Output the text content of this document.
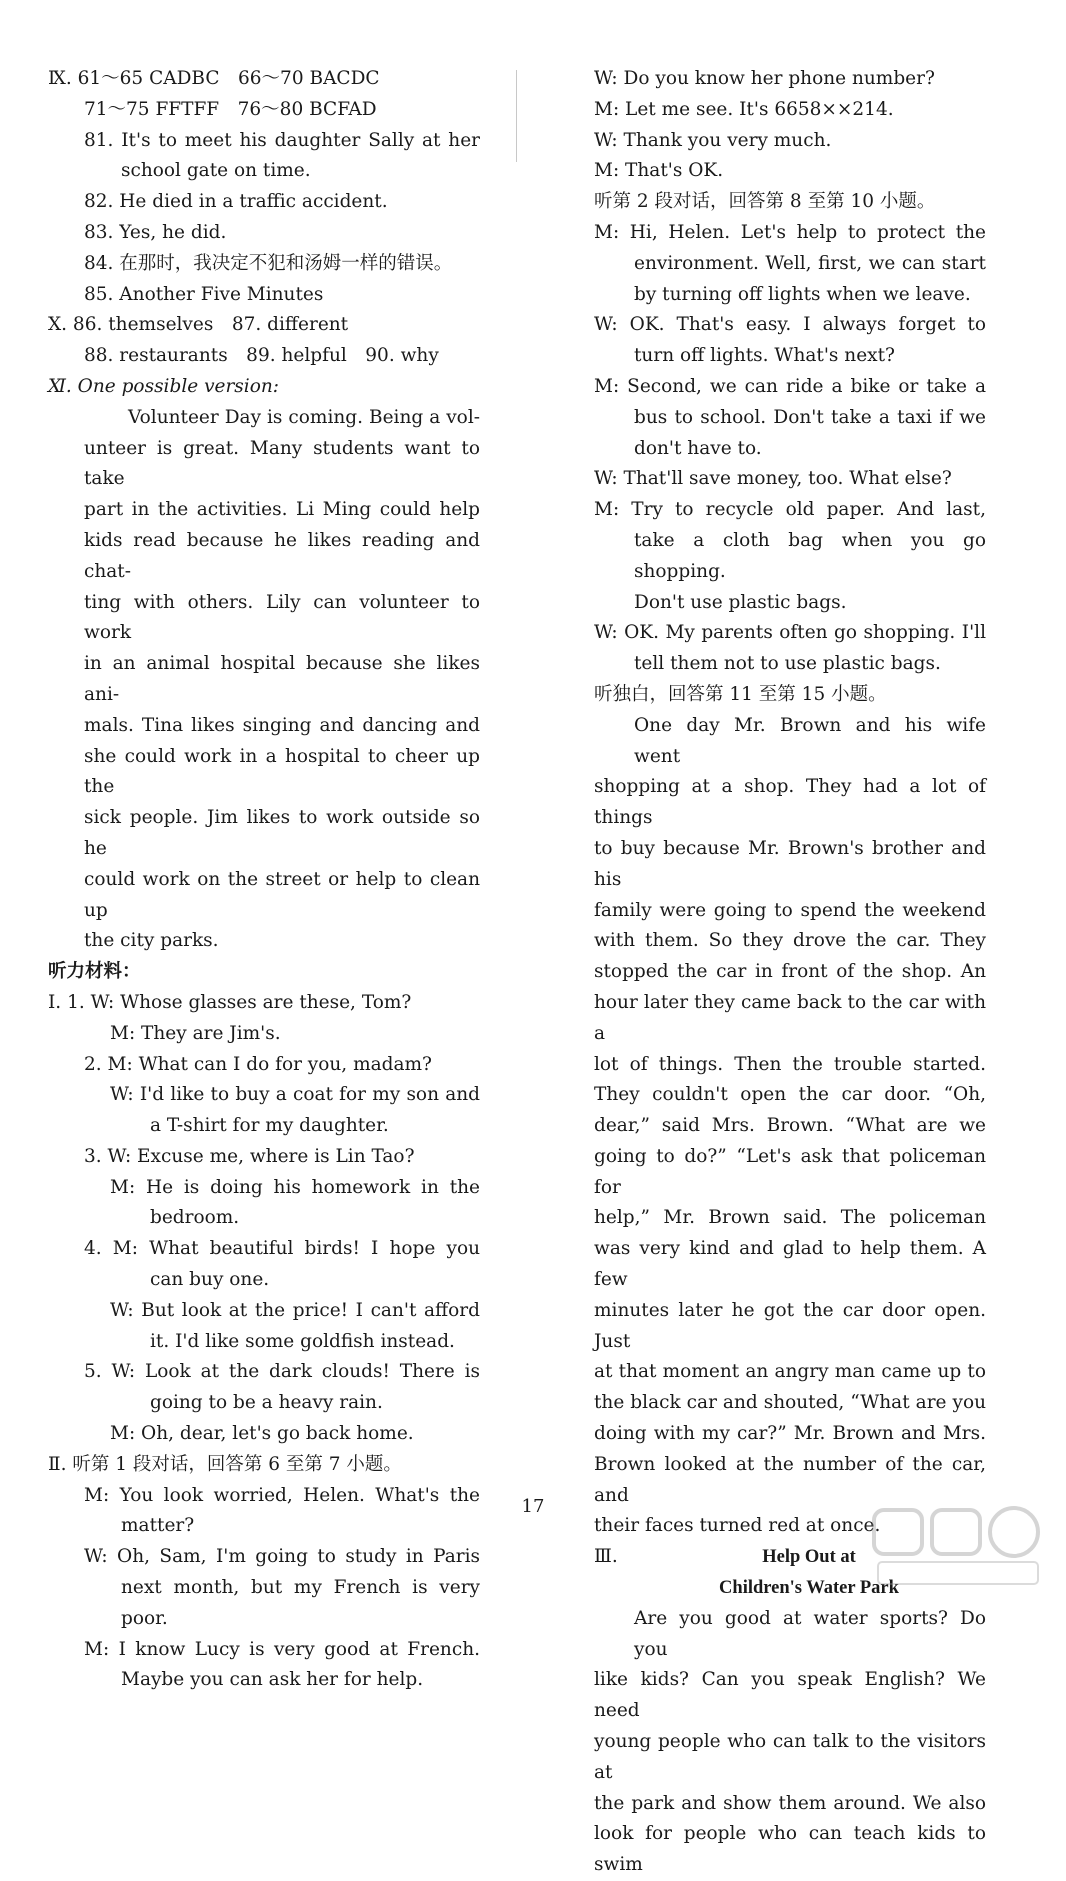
Ⅸ. 61～65 CADBC　66～70 BACDC
71～75 FFTFF　76～80 BCFAD
81. It's to meet his daughter Sally at her
school gate on time.
82. He died in a traffic accident.
83. Yes, he did.
84. 在那时，我决定不犯和汤姆一样的错误。
85. Another Five Minutes
Ⅹ. 86. themselves　87. different
88. restaurants　89. helpful　90. why
Ⅺ. One possible version:
Volunteer Day is coming. Being a vol-
unteer is great. Many students want to take
part in the activities. Li Ming could help
kids read because he likes reading and chat-
ting with others. Lily can volunteer to work
in an animal hospital because she likes ani-
mals. Tina likes singing and dancing and
she could work in a hospital to cheer up the
sick people. Jim likes to work outside so he
could work on the street or help to clean up
the city parks.
听力材料：
Ⅰ. 1. W: Whose glasses are these, Tom?
M: They are Jim's.
2. M: What can I do for you, madam?
W: I'd like to buy a coat for my son and
a T-shirt for my daughter.
3. W: Excuse me, where is Lin Tao?
M: He is doing his homework in the
bedroom.
4. M: What beautiful birds! I hope you
can buy one.
W: But look at the price! I can't afford
it. I'd like some goldfish instead.
5. W: Look at the dark clouds! There is
going to be a heavy rain.
M: Oh, dear, let's go back home.
Ⅱ. 听第 1 段对话，回答第 6 至第 7 小题。
M: You look worried, Helen. What's the
matter?
W: Oh, Sam, I'm going to study in Paris
next month, but my French is very
poor.
M: I know Lucy is very good at French.
Maybe you can ask her for help.
W: Do you know her phone number?
M: Let me see. It's 6658××214.
W: Thank you very much.
M: That's OK.
听第 2 段对话，回答第 8 至第 10 小题。
M: Hi, Helen. Let's help to protect the
environment. Well, first, we can start
by turning off lights when we leave.
W: OK. That's easy. I always forget to
turn off lights. What's next?
M: Second, we can ride a bike or take a
bus to school. Don't take a taxi if we
don't have to.
W: That'll save money, too. What else?
M: Try to recycle old paper. And last,
take a cloth bag when you go shopping.
Don't use plastic bags.
W: OK. My parents often go shopping. I'll
tell them not to use plastic bags.
听独白，回答第 11 至第 15 小题。
One day Mr. Brown and his wife went
shopping at a shop. They had a lot of things
to buy because Mr. Brown's brother and his
family were going to spend the weekend
with them. So they drove the car. They
stopped the car in front of the shop. An
hour later they came back to the car with a
lot of things. Then the trouble started.
They couldn't open the car door. “Oh,
dear,” said Mrs. Brown. “What are we
going to do?” “Let's ask that policeman for
help,” Mr. Brown said. The policeman
was very kind and glad to help them. A few
minutes later he got the car door open. Just
at that moment an angry man came up to
the black car and shouted, “What are you
doing with my car?” Mr. Brown and Mrs.
Brown looked at the number of the car, and
their faces turned red at once.
Ⅲ.	Help Out at
Children's Water Park
Are you good at water sports? Do you
like kids? Can you speak English? We need
young people who can talk to the visitors at
the park and show them around. We also
look for people who can teach kids to swim
17
